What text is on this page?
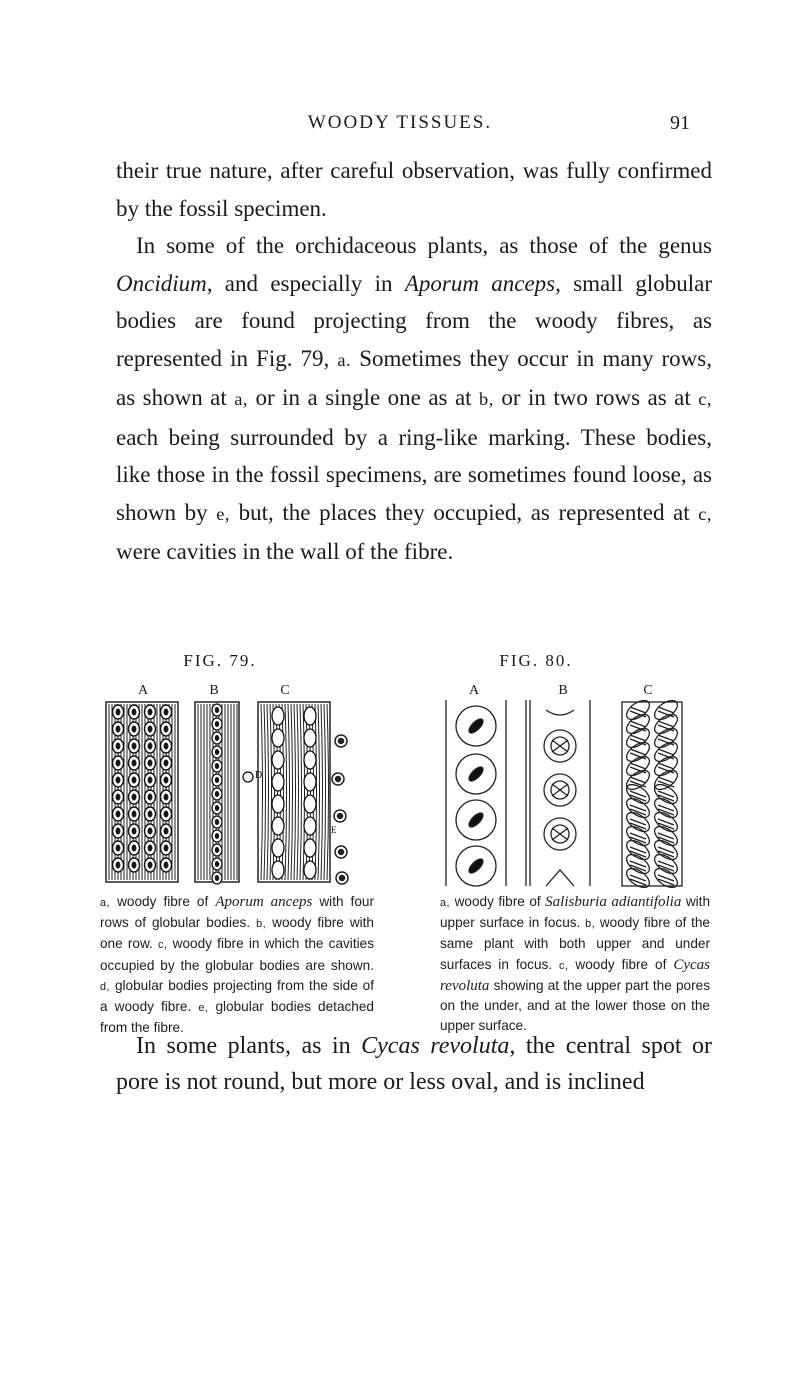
WOODY TISSUES.	91

their true nature, after careful observation, was fully confirmed by the fossil specimen.

In some of the orchidaceous plants, as those of the genus Oncidium, and especially in Aporum anceps, small globular bodies are found projecting from the woody fibres, as represented in Fig. 79, a. Sometimes they occur in many rows, as shown at a, or in a single one as at b, or in two rows as at c, each being surrounded by a ring-like marking. These bodies, like those in the fossil specimens, are sometimes found loose, as shown by e, but, the places they occupied, as represented at c, were cavities in the wall of the fibre.

FIG. 79.
A	B	C
D
E

a, woody fibre of Aporum anceps with four rows of globular bodies. b, woody fibre with one row. c, woody fibre in which the cavities occupied by the globular bodies are shown. d, globular bodies projecting from the side of a woody fibre. e, globular bodies detached from the fibre.

FIG. 80.
A	B	C

a, woody fibre of Salisburia adiantifolia with upper surface in focus. b, woody fibre of the same plant with both upper and under surfaces in focus. c, woody fibre of Cycas revoluta showing at the upper part the pores on the under, and at the lower those on the upper surface.

In some plants, as in Cycas revoluta, the central spot or pore is not round, but more or less oval, and is inclined
